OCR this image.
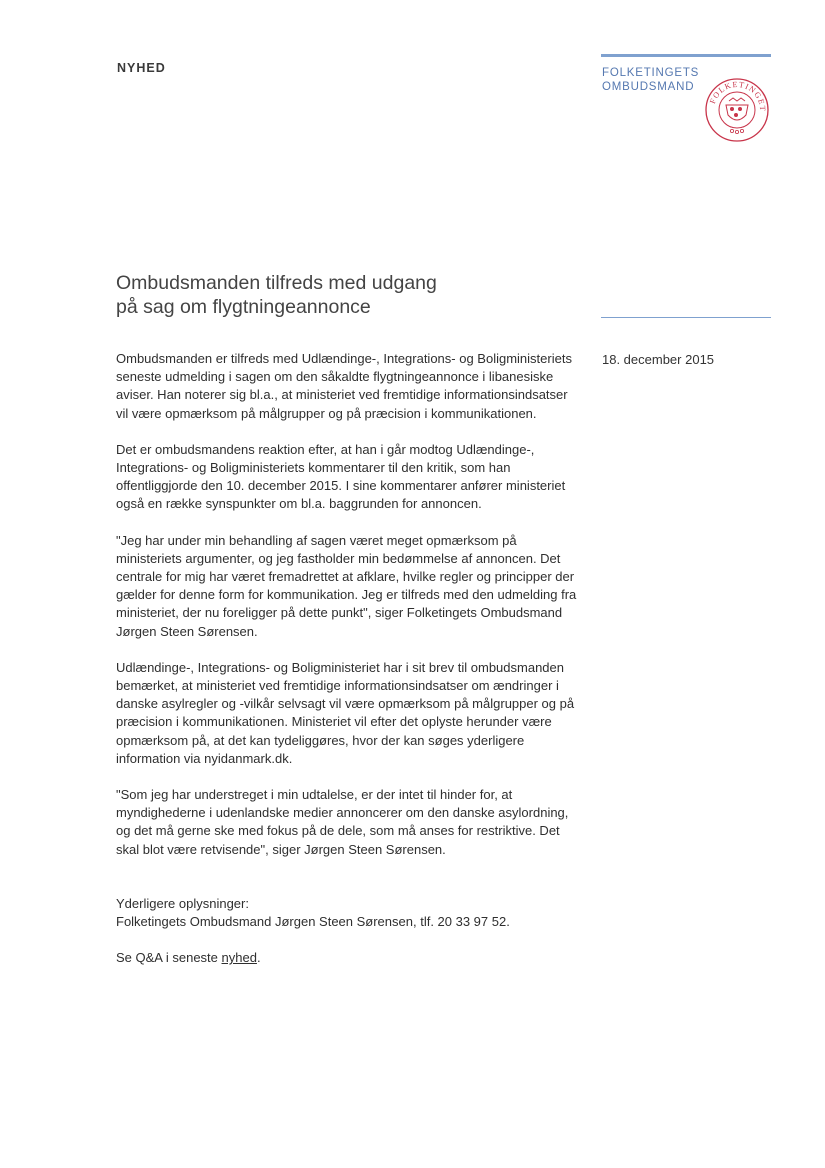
NYHED	FOLKETINGETS
OMBUDSMAND
FOLKETINGET
Ombudsmanden tilfreds med udgang
på sag om flygtningeannonce
18. december 2015

Ombudsmanden er tilfreds med Udlændinge-, Integrations- og Boligministeriets seneste udmelding i sagen om den såkaldte flygtningeannonce i libanesiske aviser. Han noterer sig bl.a., at ministeriet ved fremtidige informationsindsatser vil være opmærksom på målgrupper og på præcision i kommunikationen.

Det er ombudsmandens reaktion efter, at han i går modtog Udlændinge-, Integrations- og Boligministeriets kommentarer til den kritik, som han offentliggjorde den 10. december 2015. I sine kommentarer anfører ministeriet også en række synspunkter om bl.a. baggrunden for annoncen.

"Jeg har under min behandling af sagen været meget opmærksom på ministeriets argumenter, og jeg fastholder min bedømmelse af annoncen. Det centrale for mig har været fremadrettet at afklare, hvilke regler og principper der gælder for denne form for kommunikation. Jeg er tilfreds med den udmelding fra ministeriet, der nu foreligger på dette punkt", siger Folketingets Ombudsmand Jørgen Steen Sørensen.

Udlændinge-, Integrations- og Boligministeriet har i sit brev til ombudsmanden bemærket, at ministeriet ved fremtidige informationsindsatser om ændringer i danske asylregler og -vilkår selvsagt vil være opmærksom på målgrupper og på præcision i kommunikationen. Ministeriet vil efter det oplyste herunder være opmærksom på, at det kan tydeliggøres, hvor der kan søges yderligere information via nyidanmark.dk.

"Som jeg har understreget i min udtalelse, er der intet til hinder for, at myndighederne i udenlandske medier annoncerer om den danske asylordning, og det må gerne ske med fokus på de dele, som må anses for restriktive. Det skal blot være retvisende", siger Jørgen Steen Sørensen.

Yderligere oplysninger:
Folketingets Ombudsmand Jørgen Steen Sørensen, tlf. 20 33 97 52.

Se Q&A i seneste nyhed.
